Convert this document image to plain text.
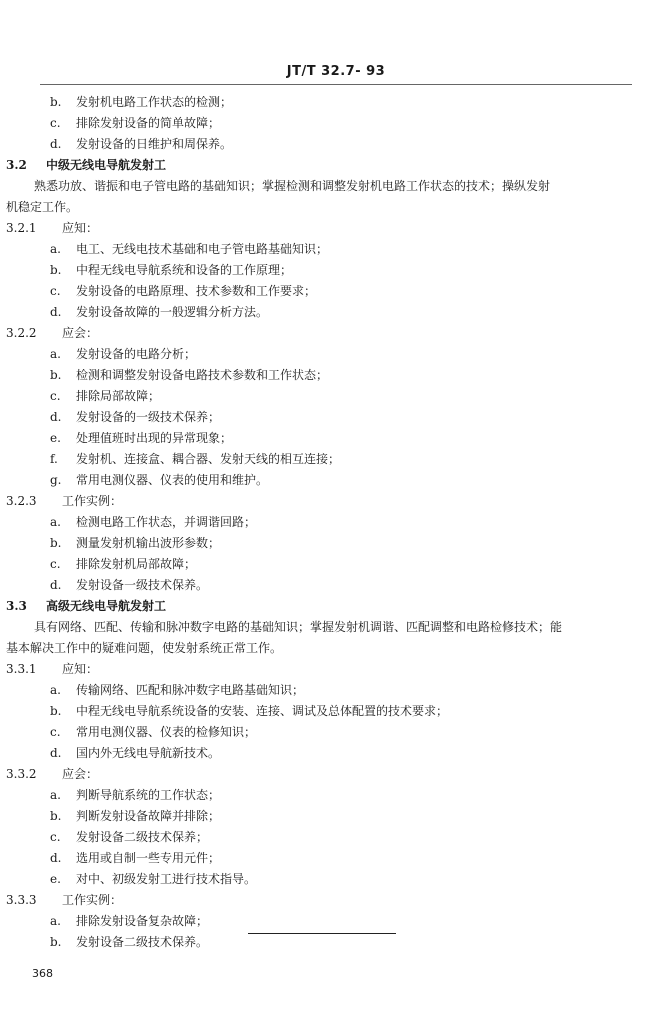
JT/T 32.7- 93
b. 发射机电路工作状态的检测；
c. 排除发射设备的简单故障；
d. 发射设备的日维护和周保养。
3.2 中级无线电导航发射工
熟悉功放、谐振和电子管电路的基础知识；掌握检测和调整发射机电路工作状态的技术；操纵发射
机稳定工作。
3.2.1 应知：
a. 电工、无线电技术基础和电子管电路基础知识；
b. 中程无线电导航系统和设备的工作原理；
c. 发射设备的电路原理、技术参数和工作要求；
d. 发射设备故障的一般逻辑分析方法。
3.2.2 应会：
a. 发射设备的电路分析；
b. 检测和调整发射设备电路技术参数和工作状态；
c. 排除局部故障；
d. 发射设备的一级技术保养；
e. 处理值班时出现的异常现象；
f. 发射机、连接盒、耦合器、发射天线的相互连接；
g. 常用电测仪器、仪表的使用和维护。
3.2.3 工作实例：
a. 检测电路工作状态，并调谐回路；
b. 测量发射机输出波形参数；
c. 排除发射机局部故障；
d. 发射设备一级技术保养。
3.3 高级无线电导航发射工
具有网络、匹配、传输和脉冲数字电路的基础知识；掌握发射机调谐、匹配调整和电路检修技术；能
基本解决工作中的疑难问题，使发射系统正常工作。
3.3.1 应知：
a. 传输网络、匹配和脉冲数字电路基础知识；
b. 中程无线电导航系统设备的安装、连接、调试及总体配置的技术要求；
c. 常用电测仪器、仪表的检修知识；
d. 国内外无线电导航新技术。
3.3.2 应会：
a. 判断导航系统的工作状态；
b. 判断发射设备故障并排除；
c. 发射设备二级技术保养；
d. 选用或自制一些专用元件；
e. 对中、初级发射工进行技术指导。
3.3.3 工作实例：
a. 排除发射设备复杂故障；
b. 发射设备二级技术保养。
368
